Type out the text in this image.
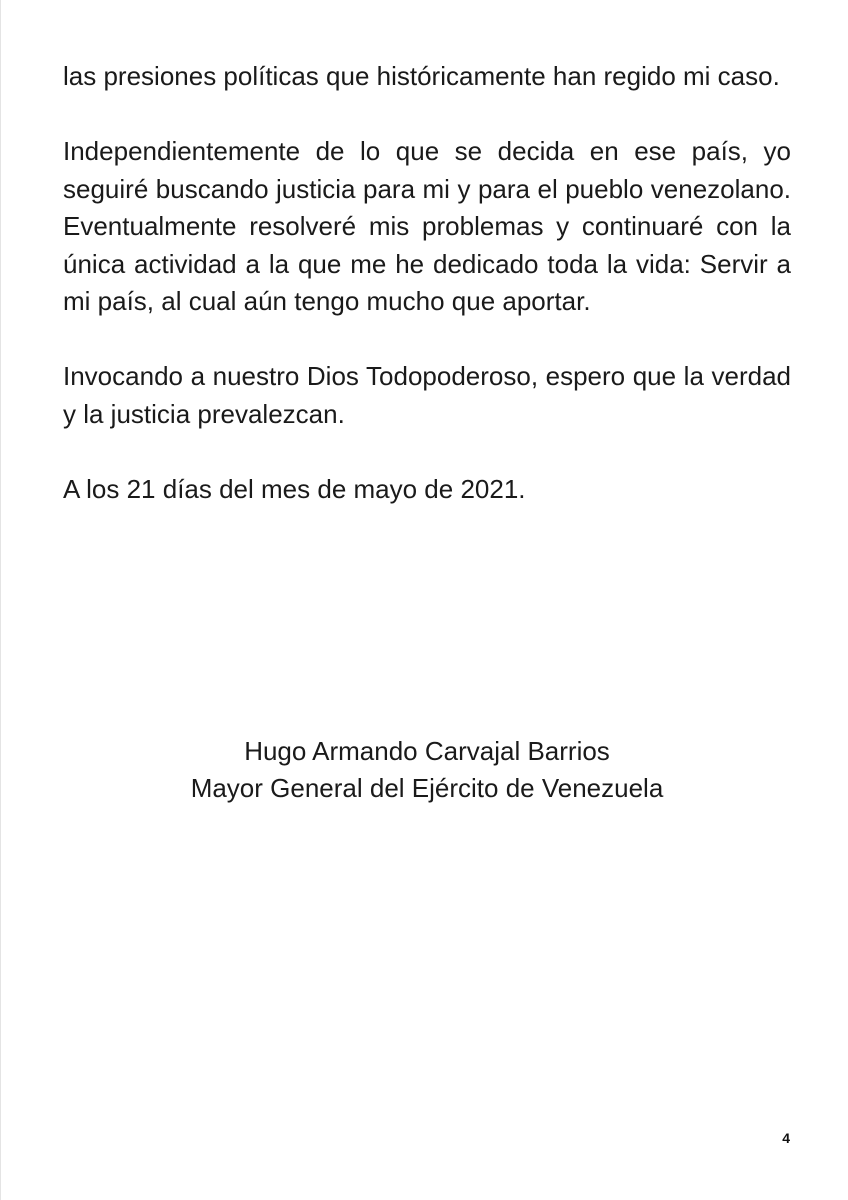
las presiones políticas que históricamente han regido mi caso.

Independientemente de lo que se decida en ese país, yo seguiré buscando justicia para mi y para el pueblo venezolano. Eventualmente resolveré mis problemas y continuaré con la única actividad a la que me he dedicado toda la vida: Servir a mi país, al cual aún tengo mucho que aportar.

Invocando a nuestro Dios Todopoderoso, espero que la verdad y la justicia prevalezcan.

A los 21 días del mes de mayo de 2021.

Hugo Armando Carvajal Barrios
Mayor General del Ejército de Venezuela
4
